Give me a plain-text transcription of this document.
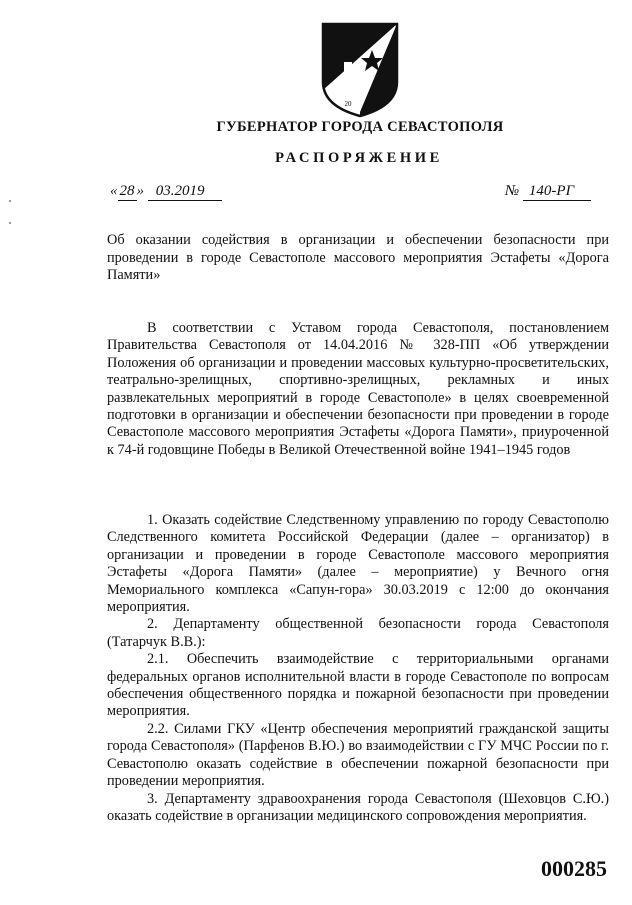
20
ГУБЕРНАТОР ГОРОДА СЕВАСТОПОЛЯ
РАСПОРЯЖЕНИЕ
« 28 » 03.2019	№ 140-РГ
Об оказании содействия в организации и обеспечении безопасности при проведении в городе Севастополе массового мероприятия Эстафеты «Дорога Памяти»

В соответствии с Уставом города Севастополя, постановлением Правительства Севастополя от 14.04.2016 № 328-ПП «Об утверждении Положения об организации и проведении массовых культурно-просветительских, театрально-зрелищных, спортивно-зрелищных, рекламных и иных развлекательных мероприятий в городе Севастополе» в целях своевременной подготовки в организации и обеспечении безопасности при проведении в городе Севастополе массового мероприятия Эстафеты «Дорога Памяти», приуроченной к 74-й годовщине Победы в Великой Отечественной войне 1941–1945 годов

1. Оказать содействие Следственному управлению по городу Севастополю Следственного комитета Российской Федерации (далее – организатор) в организации и проведении в городе Севастополе массового мероприятия Эстафеты «Дорога Памяти» (далее – мероприятие) у Вечного огня Мемориального комплекса «Сапун-гора» 30.03.2019 с 12:00 до окончания мероприятия.

2. Департаменту общественной безопасности города Севастополя (Татарчук В.В.):

2.1. Обеспечить взаимодействие с территориальными органами федеральных органов исполнительной власти в городе Севастополе по вопросам обеспечения общественного порядка и пожарной безопасности при проведении мероприятия.

2.2. Силами ГКУ «Центр обеспечения мероприятий гражданской защиты города Севастополя» (Парфенов В.Ю.) во взаимодействии с ГУ МЧС России по г. Севастополю оказать содействие в обеспечении пожарной безопасности при проведении мероприятия.

3. Департаменту здравоохранения города Севастополя (Шеховцов С.Ю.) оказать содействие в организации медицинского сопровождения мероприятия.

000285
